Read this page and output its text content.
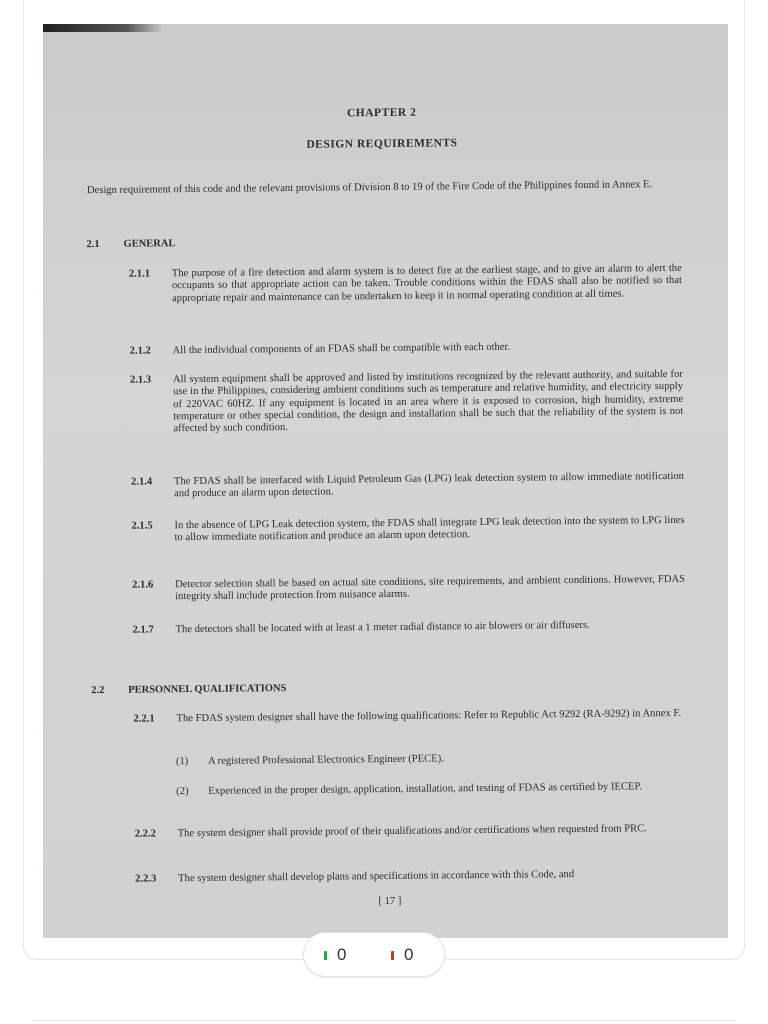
CHAPTER 2
DESIGN REQUIREMENTS
Design requirement of this code and the relevant provisions of Division 8 to 19 of the Fire Code of the Philippines found in Annex E.
2.1 GENERAL
2.1.1	The purpose of a fire detection and alarm system is to detect fire at the earliest stage, and to give an alarm to alert the occupants so that appropriate action can be taken. Trouble conditions within the FDAS shall also be notified so that appropriate repair and maintenance can be undertaken to keep it in normal operating condition at all times.
2.1.2	All the individual components of an FDAS shall be compatible with each other.
2.1.3	All system equipment shall be approved and listed by institutions recognized by the relevant authority, and suitable for use in the Philippines, considering ambient conditions such as temperature and relative humidity, and electricity supply of 220VAC 60HZ. If any equipment is located in an area where it is exposed to corrosion, high humidity, extreme temperature or other special condition, the design and installation shall be such that the reliability of the system is not affected by such condition.
2.1.4	The FDAS shall be interfaced with Liquid Petroleum Gas (LPG) leak detection system to allow immediate notification and produce an alarm upon detection.
2.1.5	In the absence of LPG Leak detection system, the FDAS shall integrate LPG leak detection into the system to LPG lines to allow immediate notification and produce an alarm upon detection.
2.1.6	Detector selection shall be based on actual site conditions, site requirements, and ambient conditions. However, FDAS integrity shall include protection from nuisance alarms.
2.1.7	The detectors shall be located with at least a 1 meter radial distance to air blowers or air diffusers.
2.2 PERSONNEL QUALIFICATIONS
2.2.1	The FDAS system designer shall have the following qualifications: Refer to Republic Act 9292 (RA-9292) in Annex F.
(1) A registered Professional Electronics Engineer (PECE).
(2) Experienced in the proper design, application, installation, and testing of FDAS as certified by IECEP.
2.2.2	The system designer shall provide proof of their qualifications and/or certifications when requested from PRC.
2.2.3	The system designer shall develop plans and specifications in accordance with this Code, and
[ 17 ]
0	0
